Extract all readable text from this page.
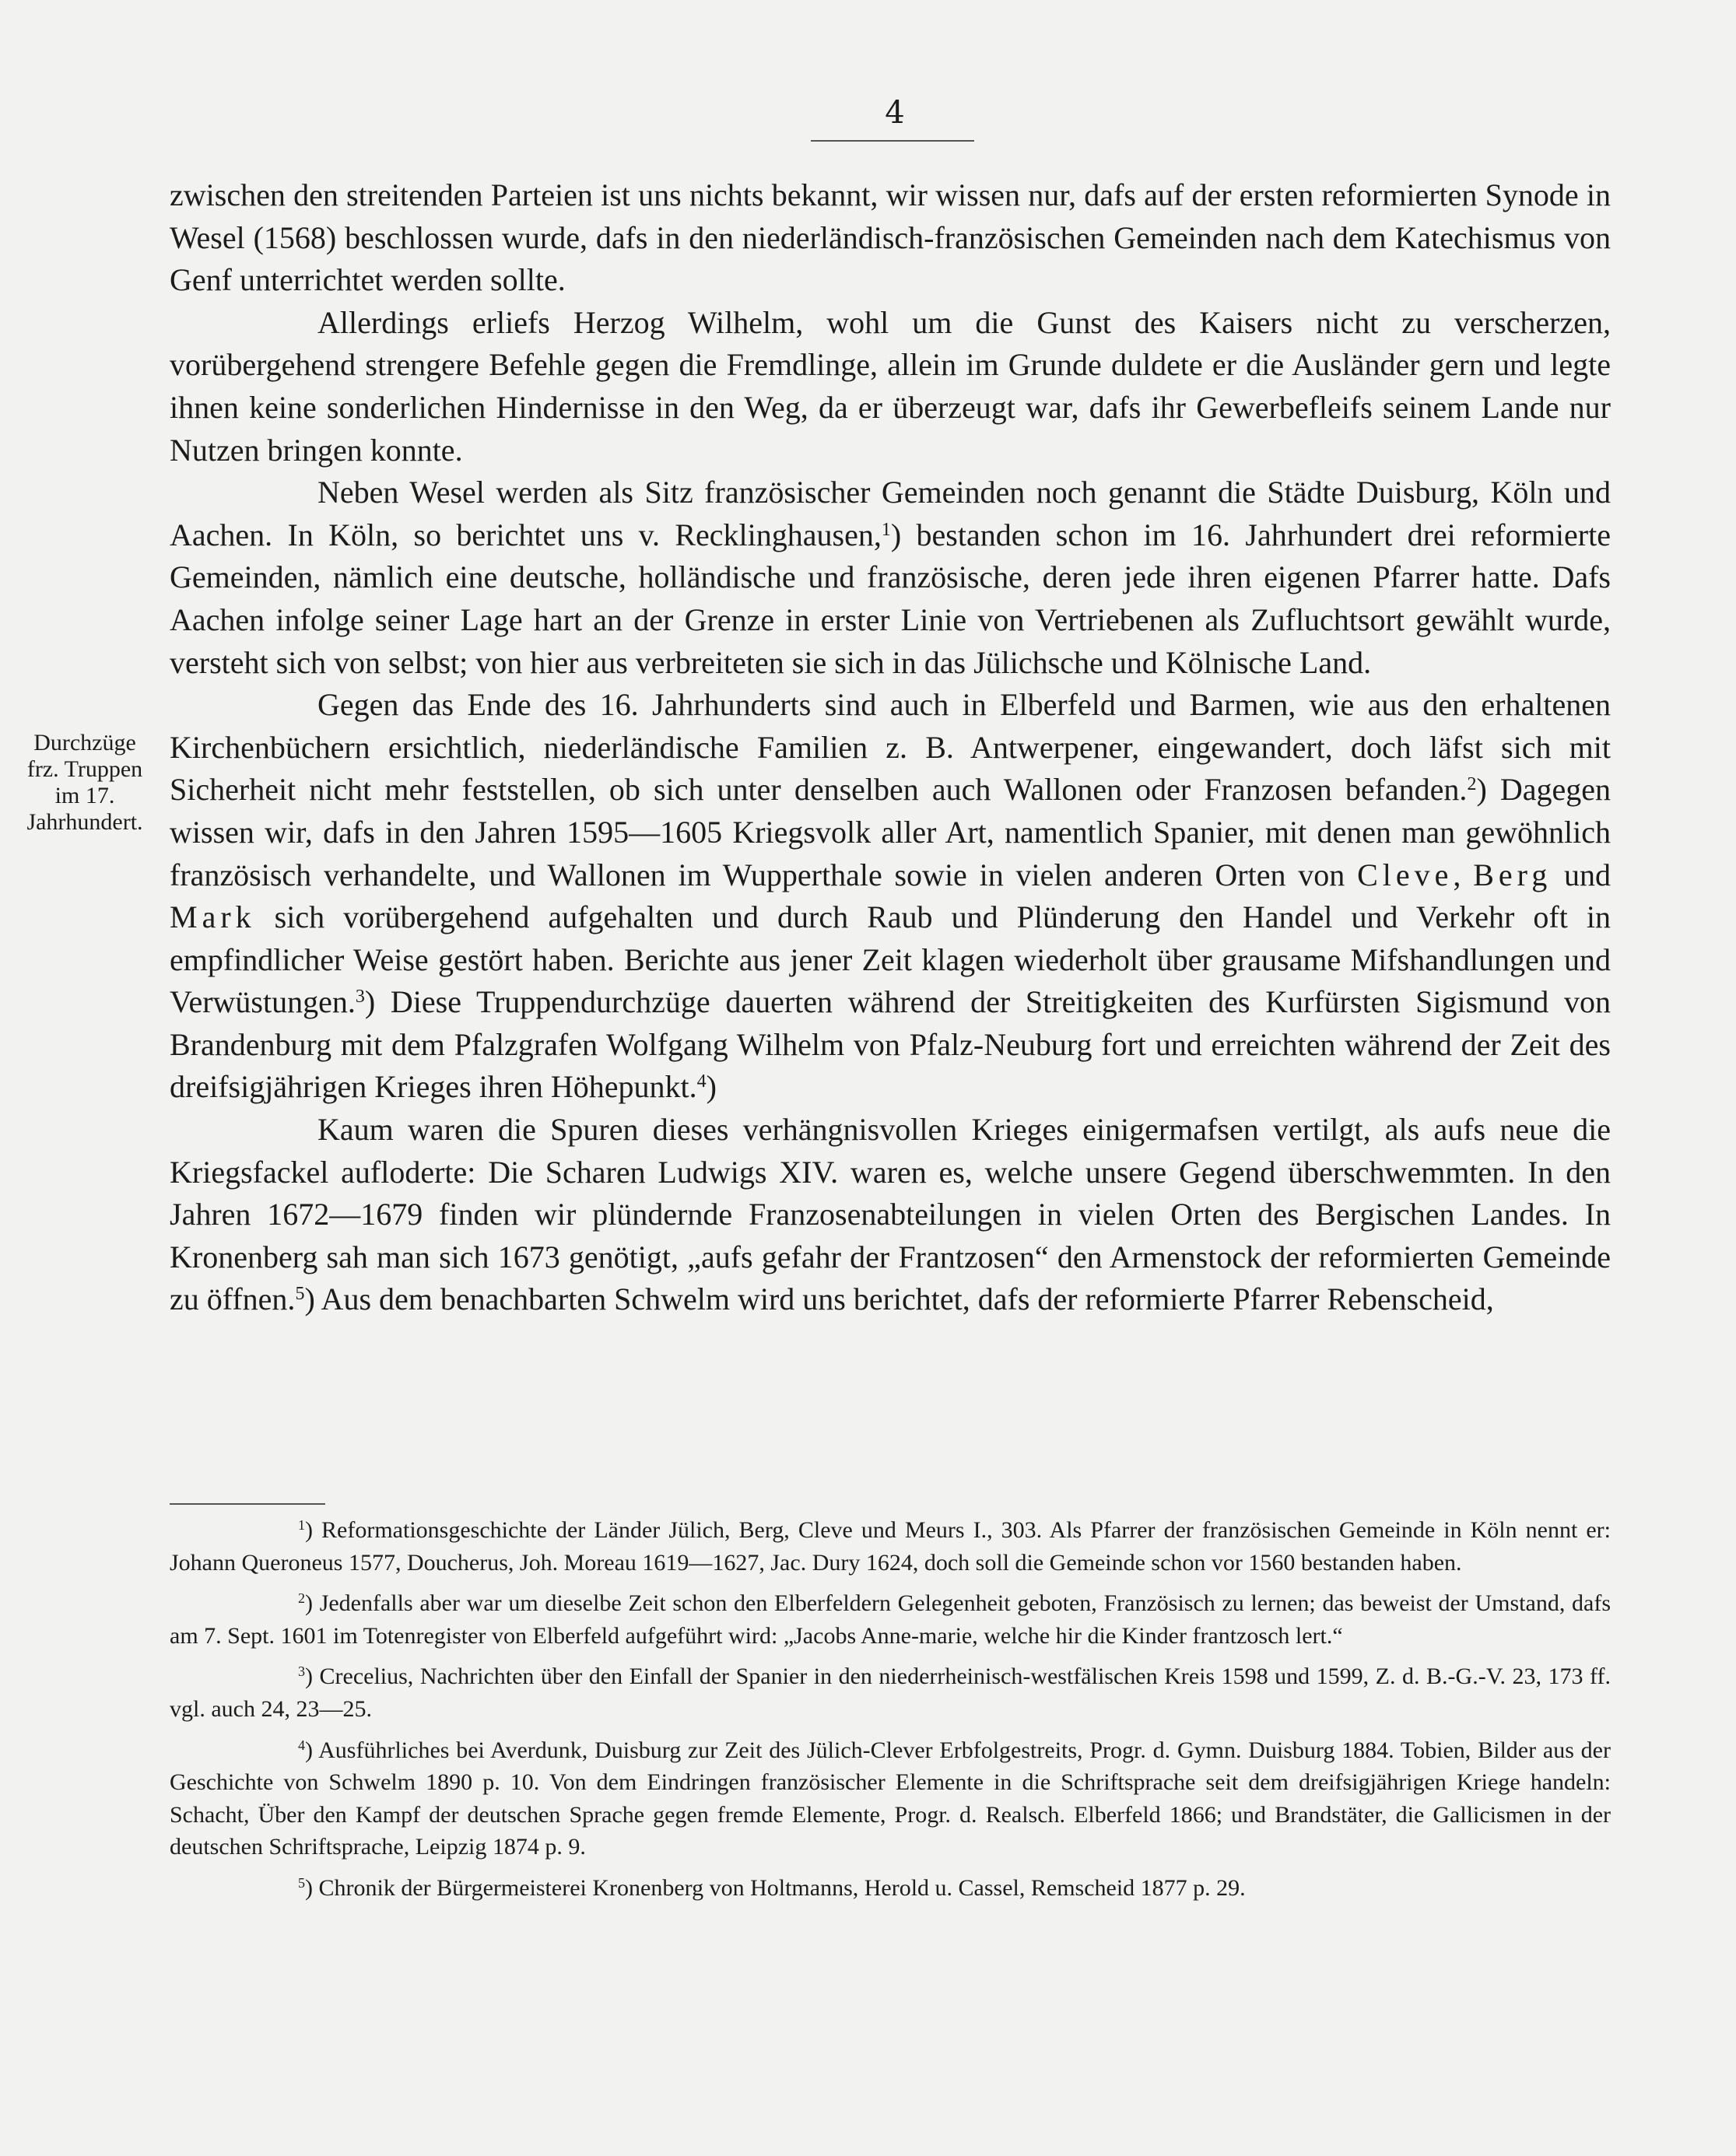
4
Durchzüge
frz. Truppen
im 17.
Jahrhundert.

zwischen den streitenden Parteien ist uns nichts bekannt, wir wissen nur, dafs auf der ersten reformierten Synode in Wesel (1568) beschlossen wurde, dafs in den niederländisch-französischen Gemeinden nach dem Katechismus von Genf unterrichtet werden sollte.

Allerdings erliefs Herzog Wilhelm, wohl um die Gunst des Kaisers nicht zu verscherzen, vorübergehend strengere Befehle gegen die Fremdlinge, allein im Grunde duldete er die Ausländer gern und legte ihnen keine sonderlichen Hindernisse in den Weg, da er überzeugt war, dafs ihr Gewerbefleifs seinem Lande nur Nutzen bringen konnte.

Neben Wesel werden als Sitz französischer Gemeinden noch genannt die Städte Duisburg, Köln und Aachen. In Köln, so berichtet uns v. Recklinghausen,$^1$) bestanden schon im 16. Jahrhundert drei reformierte Gemeinden, nämlich eine deutsche, holländische und französische, deren jede ihren eigenen Pfarrer hatte. Dafs Aachen infolge seiner Lage hart an der Grenze in erster Linie von Vertriebenen als Zufluchtsort gewählt wurde, versteht sich von selbst; von hier aus verbreiteten sie sich in das Jülichsche und Kölnische Land.

Gegen das Ende des 16. Jahrhunderts sind auch in Elberfeld und Barmen, wie aus den erhaltenen Kirchenbüchern ersichtlich, niederländische Familien z. B. Antwerpener, eingewandert, doch läfst sich mit Sicherheit nicht mehr feststellen, ob sich unter denselben auch Wallonen oder Franzosen befanden.$^2$) Dagegen wissen wir, dafs in den Jahren 1595—1605 Kriegsvolk aller Art, namentlich Spanier, mit denen man gewöhnlich französisch verhandelte, und Wallonen im Wupperthale sowie in vielen anderen Orten von Cleve, Berg und Mark sich vorübergehend aufgehalten und durch Raub und Plünderung den Handel und Verkehr oft in empfindlicher Weise gestört haben. Berichte aus jener Zeit klagen wiederholt über grausame Mifshandlungen und Verwüstungen.$^3$) Diese Truppendurchzüge dauerten während der Streitigkeiten des Kurfürsten Sigismund von Brandenburg mit dem Pfalzgrafen Wolfgang Wilhelm von Pfalz-Neuburg fort und erreichten während der Zeit des dreifsigjährigen Krieges ihren Höhepunkt.$^4$)

Kaum waren die Spuren dieses verhängnisvollen Krieges einigermafsen vertilgt, als aufs neue die Kriegsfackel aufloderte: Die Scharen Ludwigs XIV. waren es, welche unsere Gegend überschwemmten. In den Jahren 1672—1679 finden wir plündernde Franzosenabteilungen in vielen Orten des Bergischen Landes. In Kronenberg sah man sich 1673 genötigt, „aufs gefahr der Frantzosen“ den Armenstock der reformierten Gemeinde zu öffnen.$^5$) Aus dem benachbarten Schwelm wird uns berichtet, dafs der reformierte Pfarrer Rebenscheid,

$^1$) Reformationsgeschichte der Länder Jülich, Berg, Cleve und Meurs I., 303. Als Pfarrer der französischen Gemeinde in Köln nennt er: Johann Queroneus 1577, Doucherus, Joh. Moreau 1619—1627, Jac. Dury 1624, doch soll die Gemeinde schon vor 1560 bestanden haben.

$^2$) Jedenfalls aber war um dieselbe Zeit schon den Elberfeldern Gelegenheit geboten, Französisch zu lernen; das beweist der Umstand, dafs am 7. Sept. 1601 im Totenregister von Elberfeld aufgeführt wird: „Jacobs Anne-marie, welche hir die Kinder frantzosch lert.“

$^3$) Crecelius, Nachrichten über den Einfall der Spanier in den niederrheinisch-westfälischen Kreis 1598 und 1599, Z. d. B.-G.-V. 23, 173 ff. vgl. auch 24, 23—25.

$^4$) Ausführliches bei Averdunk, Duisburg zur Zeit des Jülich-Clever Erbfolgestreits, Progr. d. Gymn. Duisburg 1884. Tobien, Bilder aus der Geschichte von Schwelm 1890 p. 10. Von dem Eindringen französischer Elemente in die Schriftsprache seit dem dreifsigjährigen Kriege handeln: Schacht, Über den Kampf der deutschen Sprache gegen fremde Elemente, Progr. d. Realsch. Elberfeld 1866; und Brandstäter, die Gallicismen in der deutschen Schriftsprache, Leipzig 1874 p. 9.

$^5$) Chronik der Bürgermeisterei Kronenberg von Holtmanns, Herold u. Cassel, Remscheid 1877 p. 29.
